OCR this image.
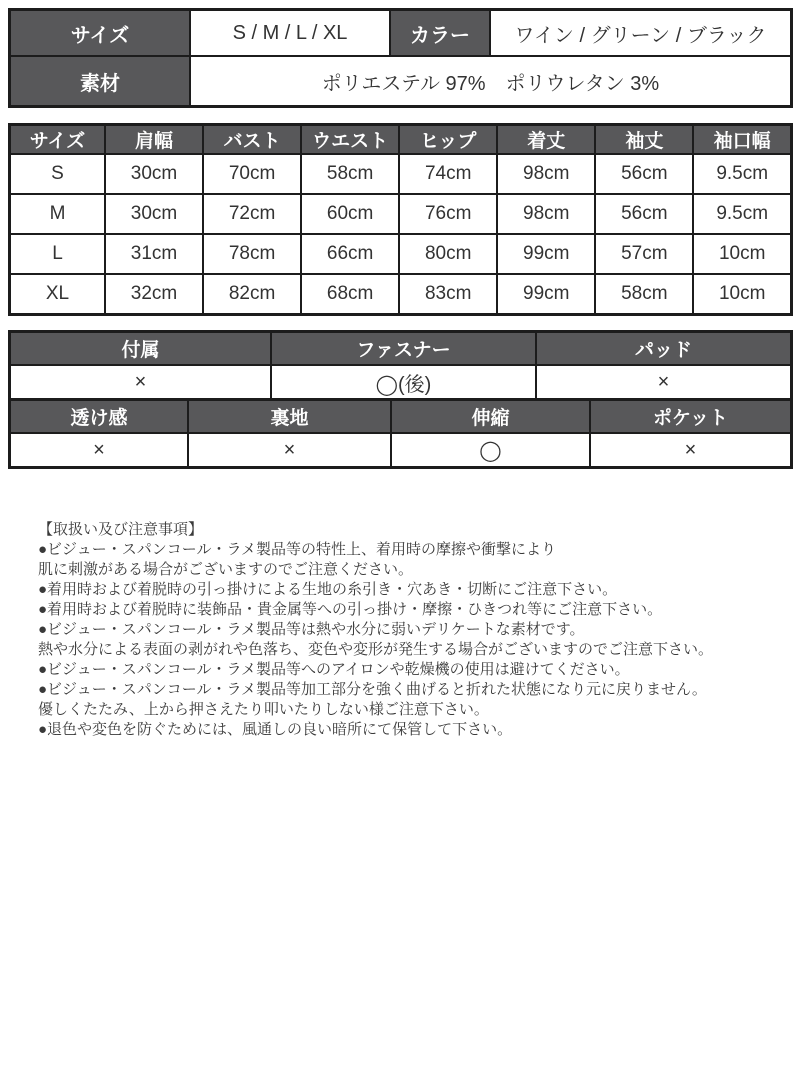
サイズ	S / M / L / XL	カラー	ワイン / グリーン / ブラック
素材	ポリエステル 97%　ポリウレタン 3%		
サイズ	肩幅	バスト	ウエスト	ヒップ	着丈	袖丈	袖口幅
S	30cm	70cm	58cm	74cm	98cm	56cm	9.5cm
M	30cm	72cm	60cm	76cm	98cm	56cm	9.5cm
L	31cm	78cm	66cm	80cm	99cm	57cm	10cm
XL	32cm	82cm	68cm	83cm	99cm	58cm	10cm
付属	ファスナー	パッド
×	◯(後)	×
透け感	裏地	伸縮	ポケット
×	×	◯	×
【取扱い及び注意事項】
●ビジュー・スパンコール・ラメ製品等の特性上、着用時の摩擦や衝撃により
肌に刺激がある場合がございますのでご注意ください。
●着用時および着脱時の引っ掛けによる生地の糸引き・穴あき・切断にご注意下さい。
●着用時および着脱時に装飾品・貴金属等への引っ掛け・摩擦・ひきつれ等にご注意下さい。
●ビジュー・スパンコール・ラメ製品等は熱や水分に弱いデリケートな素材です。
熱や水分による表面の剥がれや色落ち、変色や変形が発生する場合がございますのでご注意下さい。
●ビジュー・スパンコール・ラメ製品等へのアイロンや乾燥機の使用は避けてください。
●ビジュー・スパンコール・ラメ製品等加工部分を強く曲げると折れた状態になり元に戻りません。
優しくたたみ、上から押さえたり叩いたりしない様ご注意下さい。
●退色や変色を防ぐためには、風通しの良い暗所にて保管して下さい。
